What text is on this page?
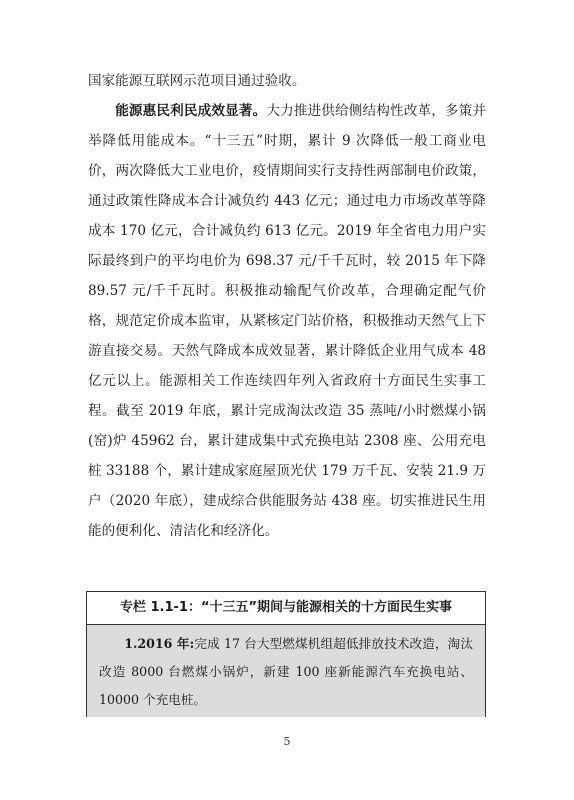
国家能源互联网示范项目通过验收。

能源惠民利民成效显著。大力推进供给侧结构性改革，多策并举降低用能成本。“十三五”时期，累计 9 次降低一般工商业电价，两次降低大工业电价，疫情期间实行支持性两部制电价政策，通过政策性降成本合计减负约 443 亿元；通过电力市场改革等降成本 170 亿元，合计减负约 613 亿元。2019 年全省电力用户实际最终到户的平均电价为 698.37 元/千千瓦时，较 2015 年下降 89.57 元/千千瓦时。积极推动输配气价改革，合理确定配气价格，规范定价成本监审，从紧核定门站价格，积极推动天然气上下游直接交易。天然气降成本成效显著，累计降低企业用气成本 48 亿元以上。能源相关工作连续四年列入省政府十方面民生实事工程。截至 2019 年底，累计完成淘汰改造 35 蒸吨/小时燃煤小锅(窑)炉 45962 台，累计建成集中式充换电站 2308 座、公用充电桩 33188 个，累计建成家庭屋顶光伏 179 万千瓦、安装 21.9 万户（2020 年底），建成综合供能服务站 438 座。切实推进民生用能的便利化、清洁化和经济化。

专栏 1.1-1：“十三五”期间与能源相关的十方面民生实事
1.2016 年:完成 17 台大型燃煤机组超低排放技术改造，淘汰改造 8000 台燃煤小锅炉，新建 100 座新能源汽车充换电站、10000 个充电桩。
5
